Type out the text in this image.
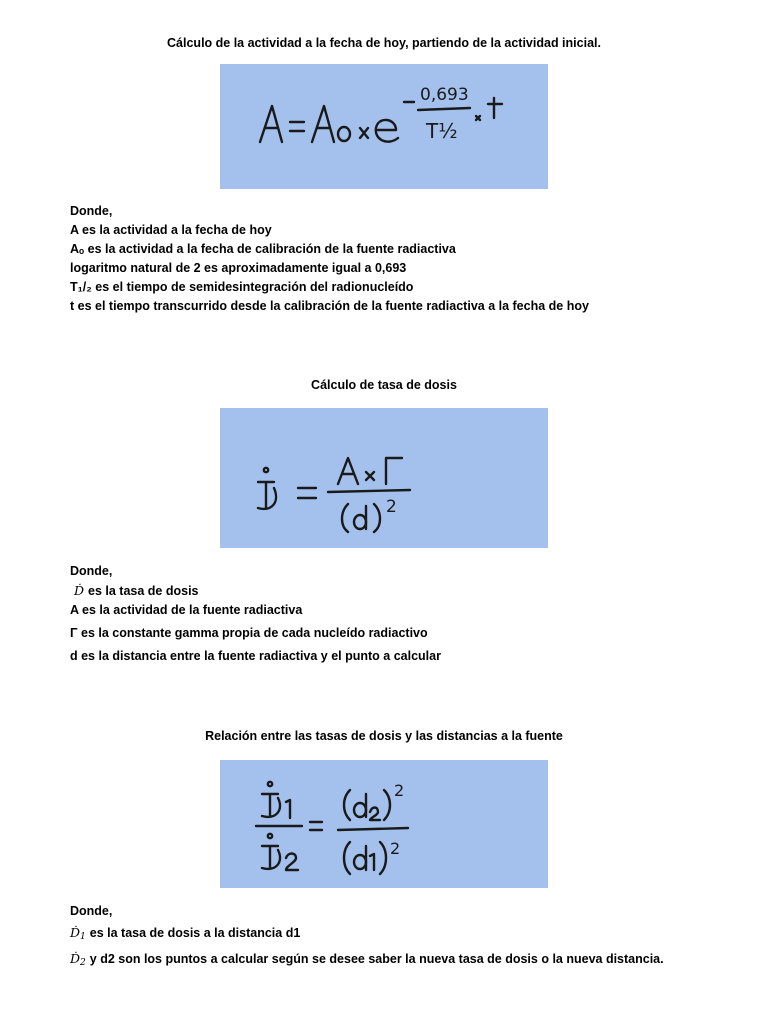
Cálculo de la actividad a la fecha de hoy, partiendo de la actividad inicial.
0,693
T½
Donde,
A es la actividad a la fecha de hoy
Aₒ es la actividad a la fecha de calibración de la fuente radiactiva
logaritmo natural de 2 es aproximadamente igual a 0,693
T₁/₂ es el tiempo de semidesintegración del radionucleído
t es el tiempo transcurrido desde la calibración de la fuente radiactiva a la fecha de hoy
Cálculo de tasa de dosis
2
Donde,
Ḋ es la tasa de dosis
A es la actividad de la fuente radiactiva
Γ es la constante gamma propia de cada nucleído radiactivo
d es la distancia entre la fuente radiactiva y el punto a calcular
Relación entre las tasas de dosis y las distancias a la fuente
2
2
Donde,
Ḋ$_1$ es la tasa de dosis a la distancia d1
Ḋ$_2$ y d2 son los puntos a calcular según se desee saber la nueva tasa de dosis o la nueva distancia.
